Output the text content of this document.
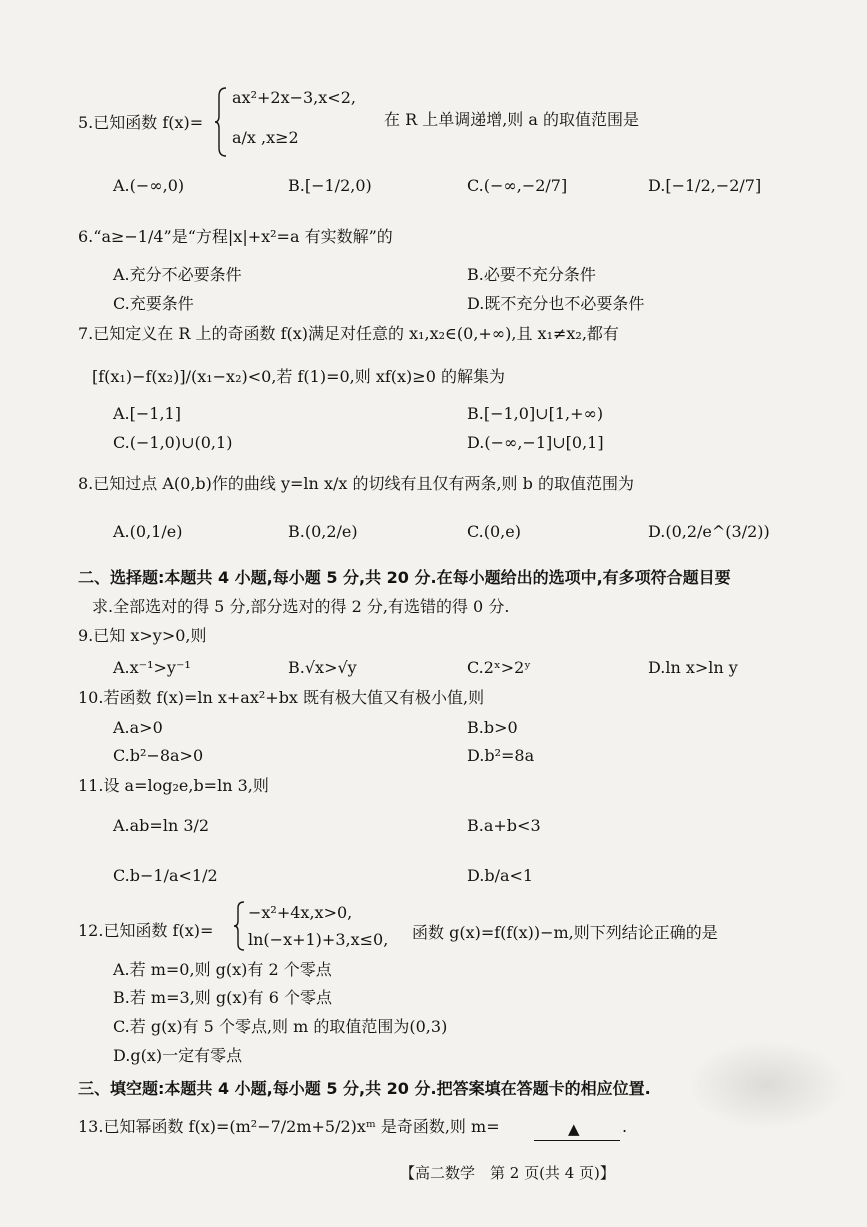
5.已知函数 f(x)=
ax²+2x−3,x<2,
a/x ,x≥2
在 R 上单调递增,则 a 的取值范围是
A.(−∞,0)	B.[−1/2,0)	C.(−∞,−2/7]	D.[−1/2,−2/7]
6.“a≥−1/4”是“方程|x|+x²=a 有实数解”的
A.充分不必要条件	B.必要不充分条件
C.充要条件	D.既不充分也不必要条件
7.已知定义在 R 上的奇函数 f(x)满足对任意的 x₁,x₂∈(0,+∞),且 x₁≠x₂,都有
[f(x₁)−f(x₂)]/(x₁−x₂)<0,若 f(1)=0,则 xf(x)≥0 的解集为
A.[−1,1]	B.[−1,0]∪[1,+∞)
C.(−1,0)∪(0,1)	D.(−∞,−1]∪[0,1]
8.已知过点 A(0,b)作的曲线 y=ln x/x 的切线有且仅有两条,则 b 的取值范围为
A.(0,1/e)	B.(0,2/e)	C.(0,e)	D.(0,2/e^(3/2))
二、选择题:本题共 4 小题,每小题 5 分,共 20 分.在每小题给出的选项中,有多项符合题目要
求.全部选对的得 5 分,部分选对的得 2 分,有选错的得 0 分.
9.已知 x>y>0,则
A.x⁻¹>y⁻¹	B.√x>√y	C.2ˣ>2ʸ	D.ln x>ln y
10.若函数 f(x)=ln x+ax²+bx 既有极大值又有极小值,则
A.a>0	B.b>0
C.b²−8a>0	D.b²=8a
11.设 a=log₂e,b=ln 3,则
A.ab=ln 3/2	B.a+b<3
C.b−1/a<1/2	D.b/a<1
12.已知函数 f(x)=
−x²+4x,x>0,
ln(−x+1)+3,x≤0, 函数 g(x)=f(f(x))−m,则下列结论正确的是
A.若 m=0,则 g(x)有 2 个零点
B.若 m=3,则 g(x)有 6 个零点
C.若 g(x)有 5 个零点,则 m 的取值范围为(0,3)
D.g(x)一定有零点
三、填空题:本题共 4 小题,每小题 5 分,共 20 分.把答案填在答题卡的相应位置.
13.已知幂函数 f(x)=(m²−7/2m+5/2)xᵐ 是奇函数,则 m=	▲	.
【高二数学　第 2 页(共 4 页)】
